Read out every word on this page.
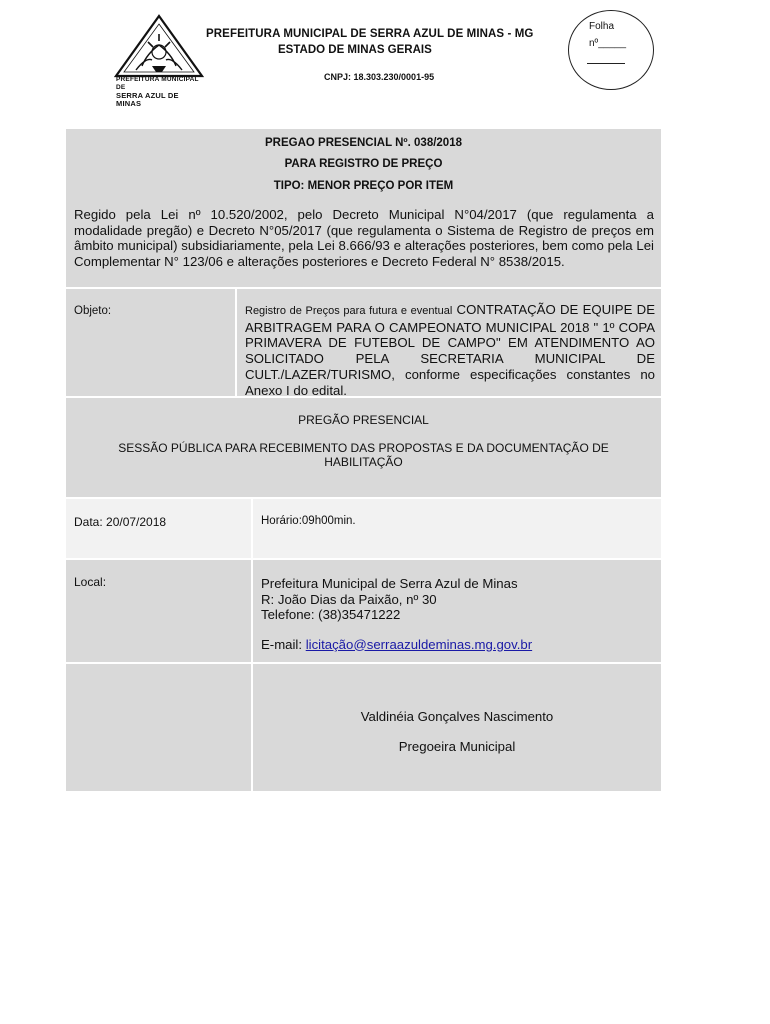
PREFEITURA MUNICIPAL DE
SERRA AZUL DE MINAS
PREFEITURA MUNICIPAL DE SERRA AZUL DE MINAS - MG
ESTADO DE MINAS GERAIS
CNPJ: 18.303.230/0001-95
Folha
nº_____
PREGAO PRESENCIAL Nº. 038/2018
PARA REGISTRO DE PREÇO
TIPO: MENOR PREÇO POR ITEM
Regido pela Lei nº 10.520/2002, pelo Decreto Municipal N°04/2017 (que regulamenta a modalidade pregão) e Decreto N°05/2017 (que regulamenta o Sistema de Registro de preços em âmbito municipal) subsidiariamente, pela Lei 8.666/93 e alterações posteriores, bem como pela Lei Complementar N° 123/06 e alterações posteriores e Decreto Federal N° 8538/2015.
Objeto:	Registro de Preços para futura e eventual CONTRATAÇÃO DE EQUIPE DE ARBITRAGEM PARA O CAMPEONATO MUNICIPAL 2018 " 1º COPA PRIMAVERA DE FUTEBOL DE CAMPO" EM ATENDIMENTO AO SOLICITADO PELA SECRETARIA MUNICIPAL DE CULT./LAZER/TURISMO, conforme especificações constantes no Anexo I do edital.
PREGÃO PRESENCIAL
SESSÃO PÚBLICA PARA RECEBIMENTO DAS PROPOSTAS E DA DOCUMENTAÇÃO DE HABILITAÇÃO
Data: 20/07/2018	Horário:09h00min.
Local:	Prefeitura Municipal de Serra Azul de Minas
R: João Dias da Paixão, nº 30
Telefone: (38)35471222
E-mail: licitação@serraazuldeminas.mg.gov.br
Valdinéia Gonçalves Nascimento
Pregoeira Municipal
